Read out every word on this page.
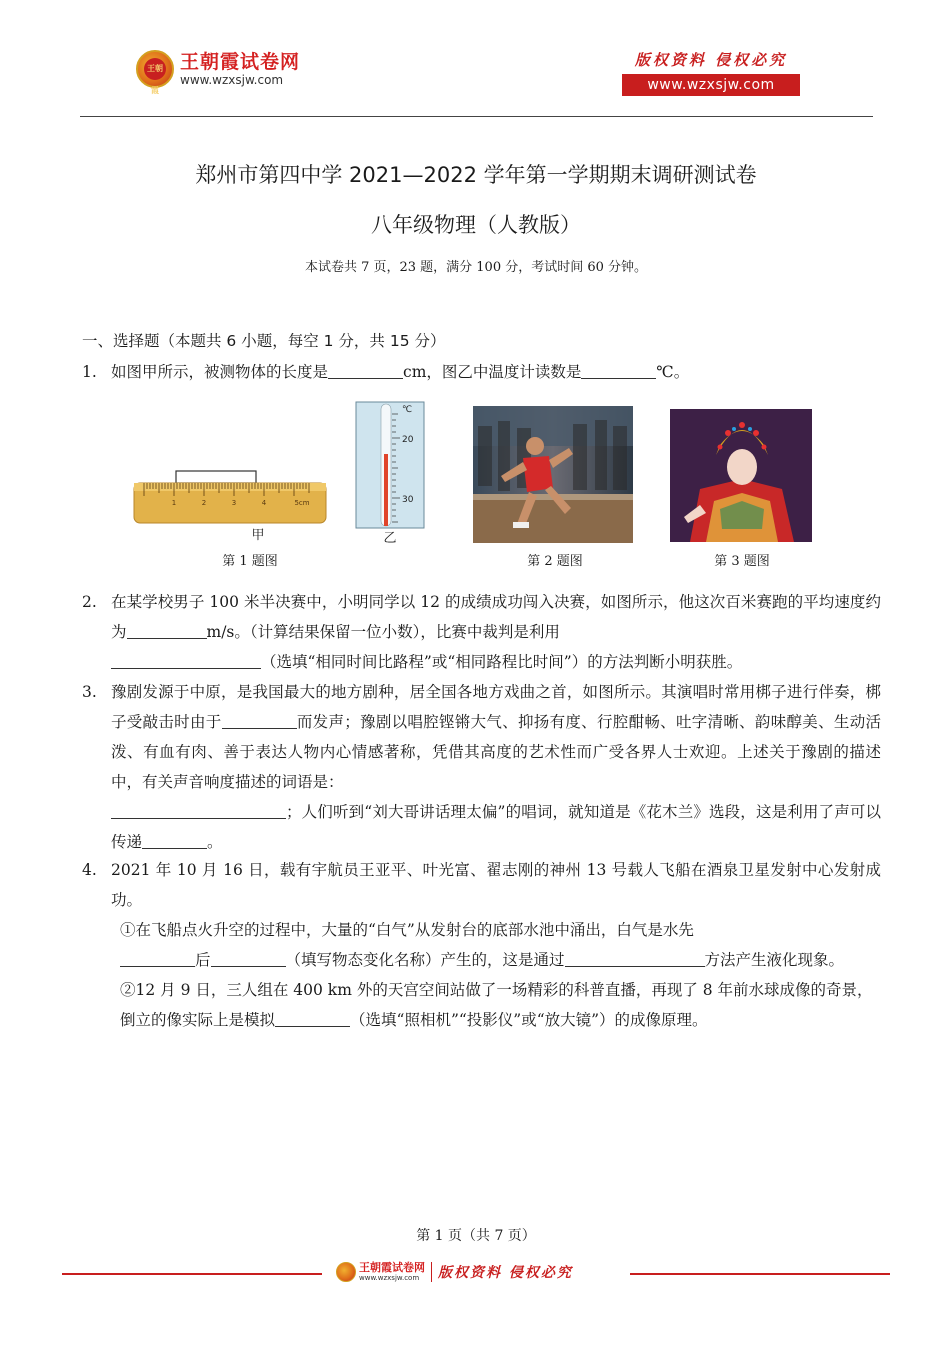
王朝霞
王朝霞试卷网
www.wzxsjw.com
版权资料 侵权必究
www.wzxsjw.com
郑州市第四中学 2021—2022 学年第一学期期末调研测试卷
八年级物理（人教版）
本试卷共 7 页，23 题，满分 100 分，考试时间 60 分钟。
一、选择题（本题共 6 小题，每空 1 分，共 15 分）
1. 如图甲所示，被测物体的长度是	cm，图乙中温度计读数是	℃。
1	2	3	4	5cm
甲
℃
20
30
乙
第 1 题图	第 2 题图	第 3 题图
2. 在某学校男子 100 米半决赛中，小明同学以 12 的成绩成功闯入决赛，如图所示，他这次百米赛跑的平均速度约为	m/s。（计算结果保留一位小数），比赛中裁判是利用
（选填“相同时间比路程”或“相同路程比时间”）的方法判断小明获胜。
3. 豫剧发源于中原，是我国最大的地方剧种，居全国各地方戏曲之首，如图所示。其演唱时常用梆子进行伴奏，梆子受敲击时由于	而发声；豫剧以唱腔铿锵大气、抑扬有度、行腔酣畅、吐字清晰、韵味醇美、生动活泼、有血有肉、善于表达人物内心情感著称，凭借其高度的艺术性而广受各界人士欢迎。上述关于豫剧的描述中，有关声音响度描述的词语是：
；人们听到“刘大哥讲话理太偏”的唱词，就知道是《花木兰》选段，这是利用了声可以传递	。
4. 2021 年 10 月 16 日，载有宇航员王亚平、叶光富、翟志刚的神州 13 号载人飞船在酒泉卫星发射中心发射成功。
①在飞船点火升空的过程中，大量的“白气”从发射台的底部水池中涌出，白气是水先
后	（填写物态变化名称）产生的，这是通过	方法产生液化现象。
②12 月 9 日，三人组在 400 km 外的天宫空间站做了一场精彩的科普直播，再现了 8 年前水球成像的奇景，倒立的像实际上是模拟	（选填“照相机”“投影仪”或“放大镜”）的成像原理。
第 1 页（共 7 页）
王朝霞试卷网
www.wzxsjw.com	版权资料 侵权必究
